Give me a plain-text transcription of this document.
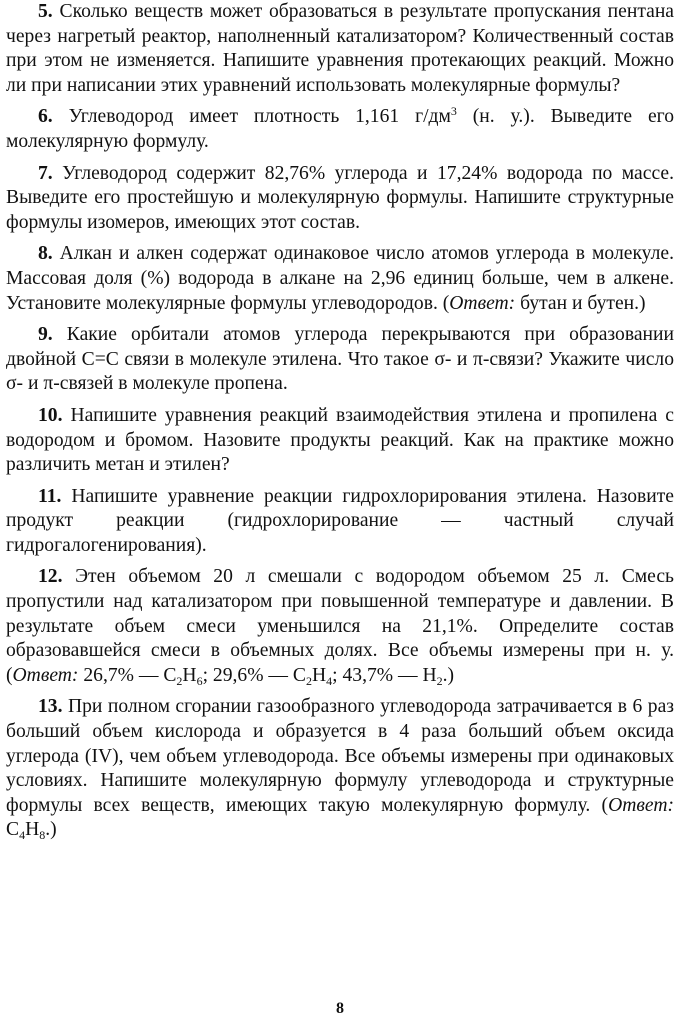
5. Сколько веществ может образоваться в результате пропускания пентана через нагретый реактор, наполненный катализатором? Количественный состав при этом не изменяется. Напишите уравнения протекающих реакций. Можно ли при написании этих уравнений использовать молекулярные формулы?

6. Углеводород имеет плотность 1,161 $г/дм^3$ (н. у.). Выведите его молекулярную формулу.

7. Углеводород содержит 82,76% углерода и 17,24% водорода по массе. Выведите его простейшую и молекулярную формулы. Напишите структурные формулы изомеров, имеющих этот состав.

8. Алкан и алкен содержат одинаковое число атомов углерода в молекуле. Массовая доля (%) водорода в алкане на 2,96 единиц больше, чем в алкене. Установите молекулярные формулы углеводородов. (Ответ: бутан и бутен.)

9. Какие орбитали атомов углерода перекрываются при образовании двойной С=С связи в молекуле этилена. Что такое σ- и π-связи? Укажите число σ- и π-связей в молекуле пропена.

10. Напишите уравнения реакций взаимодействия этилена и пропилена с водородом и бромом. Назовите продукты реакций. Как на практике можно различить метан и этилен?

11. Напишите уравнение реакции гидрохлорирования этилена. Назовите продукт реакции (гидрохлорирование — частный случай гидрогалогенирования).

12. Этен объемом 20 л смешали с водородом объемом 25 л. Смесь пропустили над катализатором при повышенной температуре и давлении. В результате объем смеси уменьшился на 21,1%. Определите состав образовавшейся смеси в объемных долях. Все объемы измерены при н. у. (Ответ: 26,7% — $C_2H_6$; 29,6% — $C_2H_4$; 43,7% — $H_2$.)

13. При полном сгорании газообразного углеводорода затрачивается в 6 раз больший объем кислорода и образуется в 4 раза больший объем оксида углерода (IV), чем объем углеводорода. Все объемы измерены при одинаковых условиях. Напишите молекулярную формулу углеводорода и структурные формулы всех веществ, имеющих такую молекулярную формулу. (Ответ: $C_4H_8$.)

8
